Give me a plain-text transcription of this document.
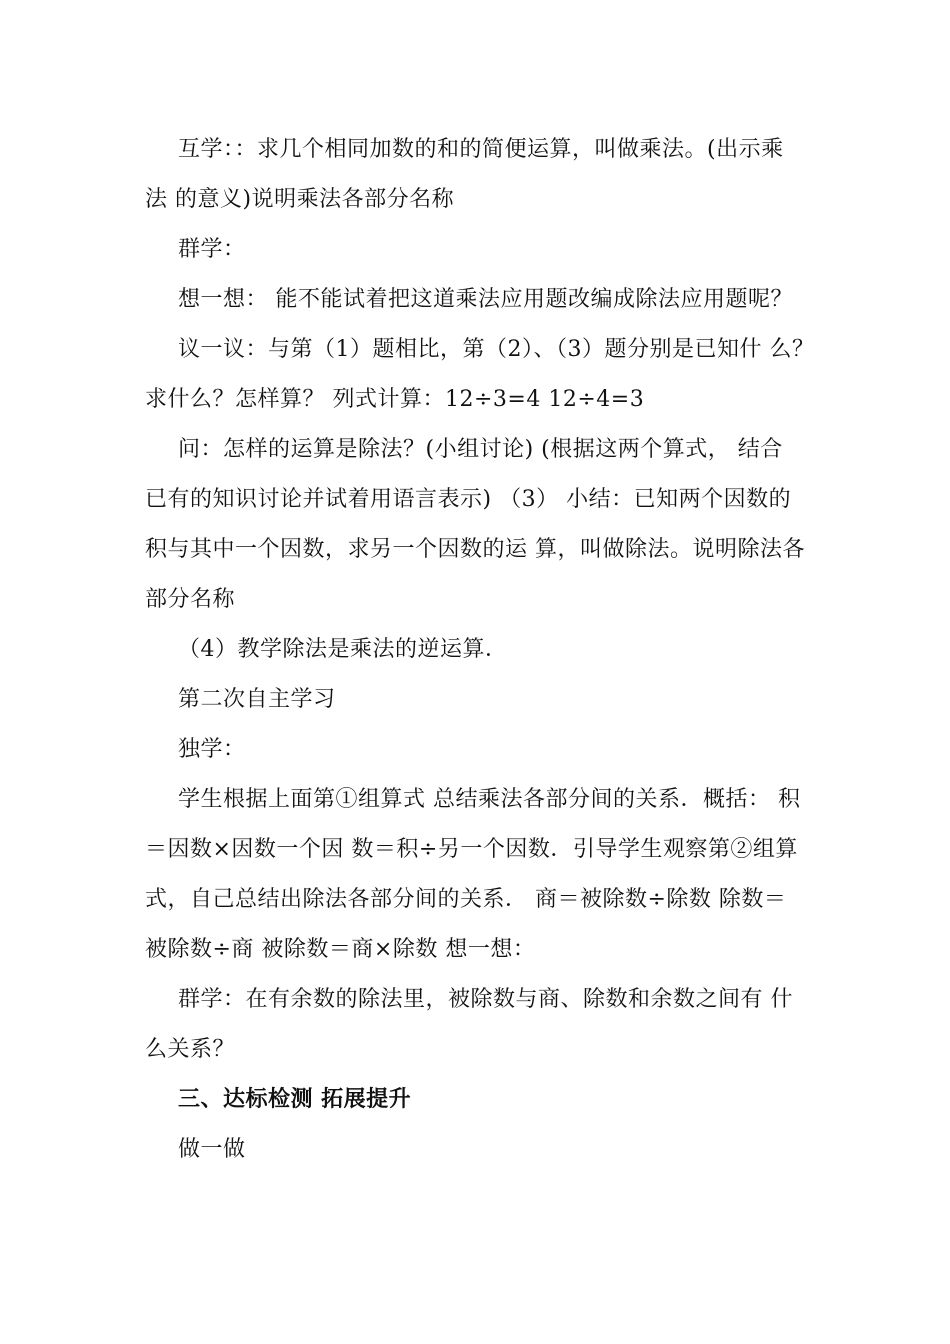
互学：：求几个相同加数的和的简便运算，叫做乘法。(出示乘
法 的意义)说明乘法各部分名称
群学：
想一想： 能不能试着把这道乘法应用题改编成除法应用题呢？
议一议：与第（1）题相比，第（2）、（3）题分别是已知什 么？
求什么？怎样算？ 列式计算：12÷3=4 12÷4=3
问：怎样的运算是除法？(小组讨论) (根据这两个算式， 结合
已有的知识讨论并试着用语言表示) （3） 小结：已知两个因数的
积与其中一个因数，求另一个因数的运 算，叫做除法。说明除法各
部分名称
（4）教学除法是乘法的逆运算．
第二次自主学习
独学：
学生根据上面第①组算式 总结乘法各部分间的关系．概括： 积
＝因数×因数一个因 数＝积÷另一个因数．引导学生观察第②组算
式，自己总结出除法各部分间的关系． 商＝被除数÷除数 除数＝
被除数÷商 被除数＝商×除数 想一想：
群学：在有余数的除法里，被除数与商、除数和余数之间有 什
么关系？
三、达标检测 拓展提升
做一做
